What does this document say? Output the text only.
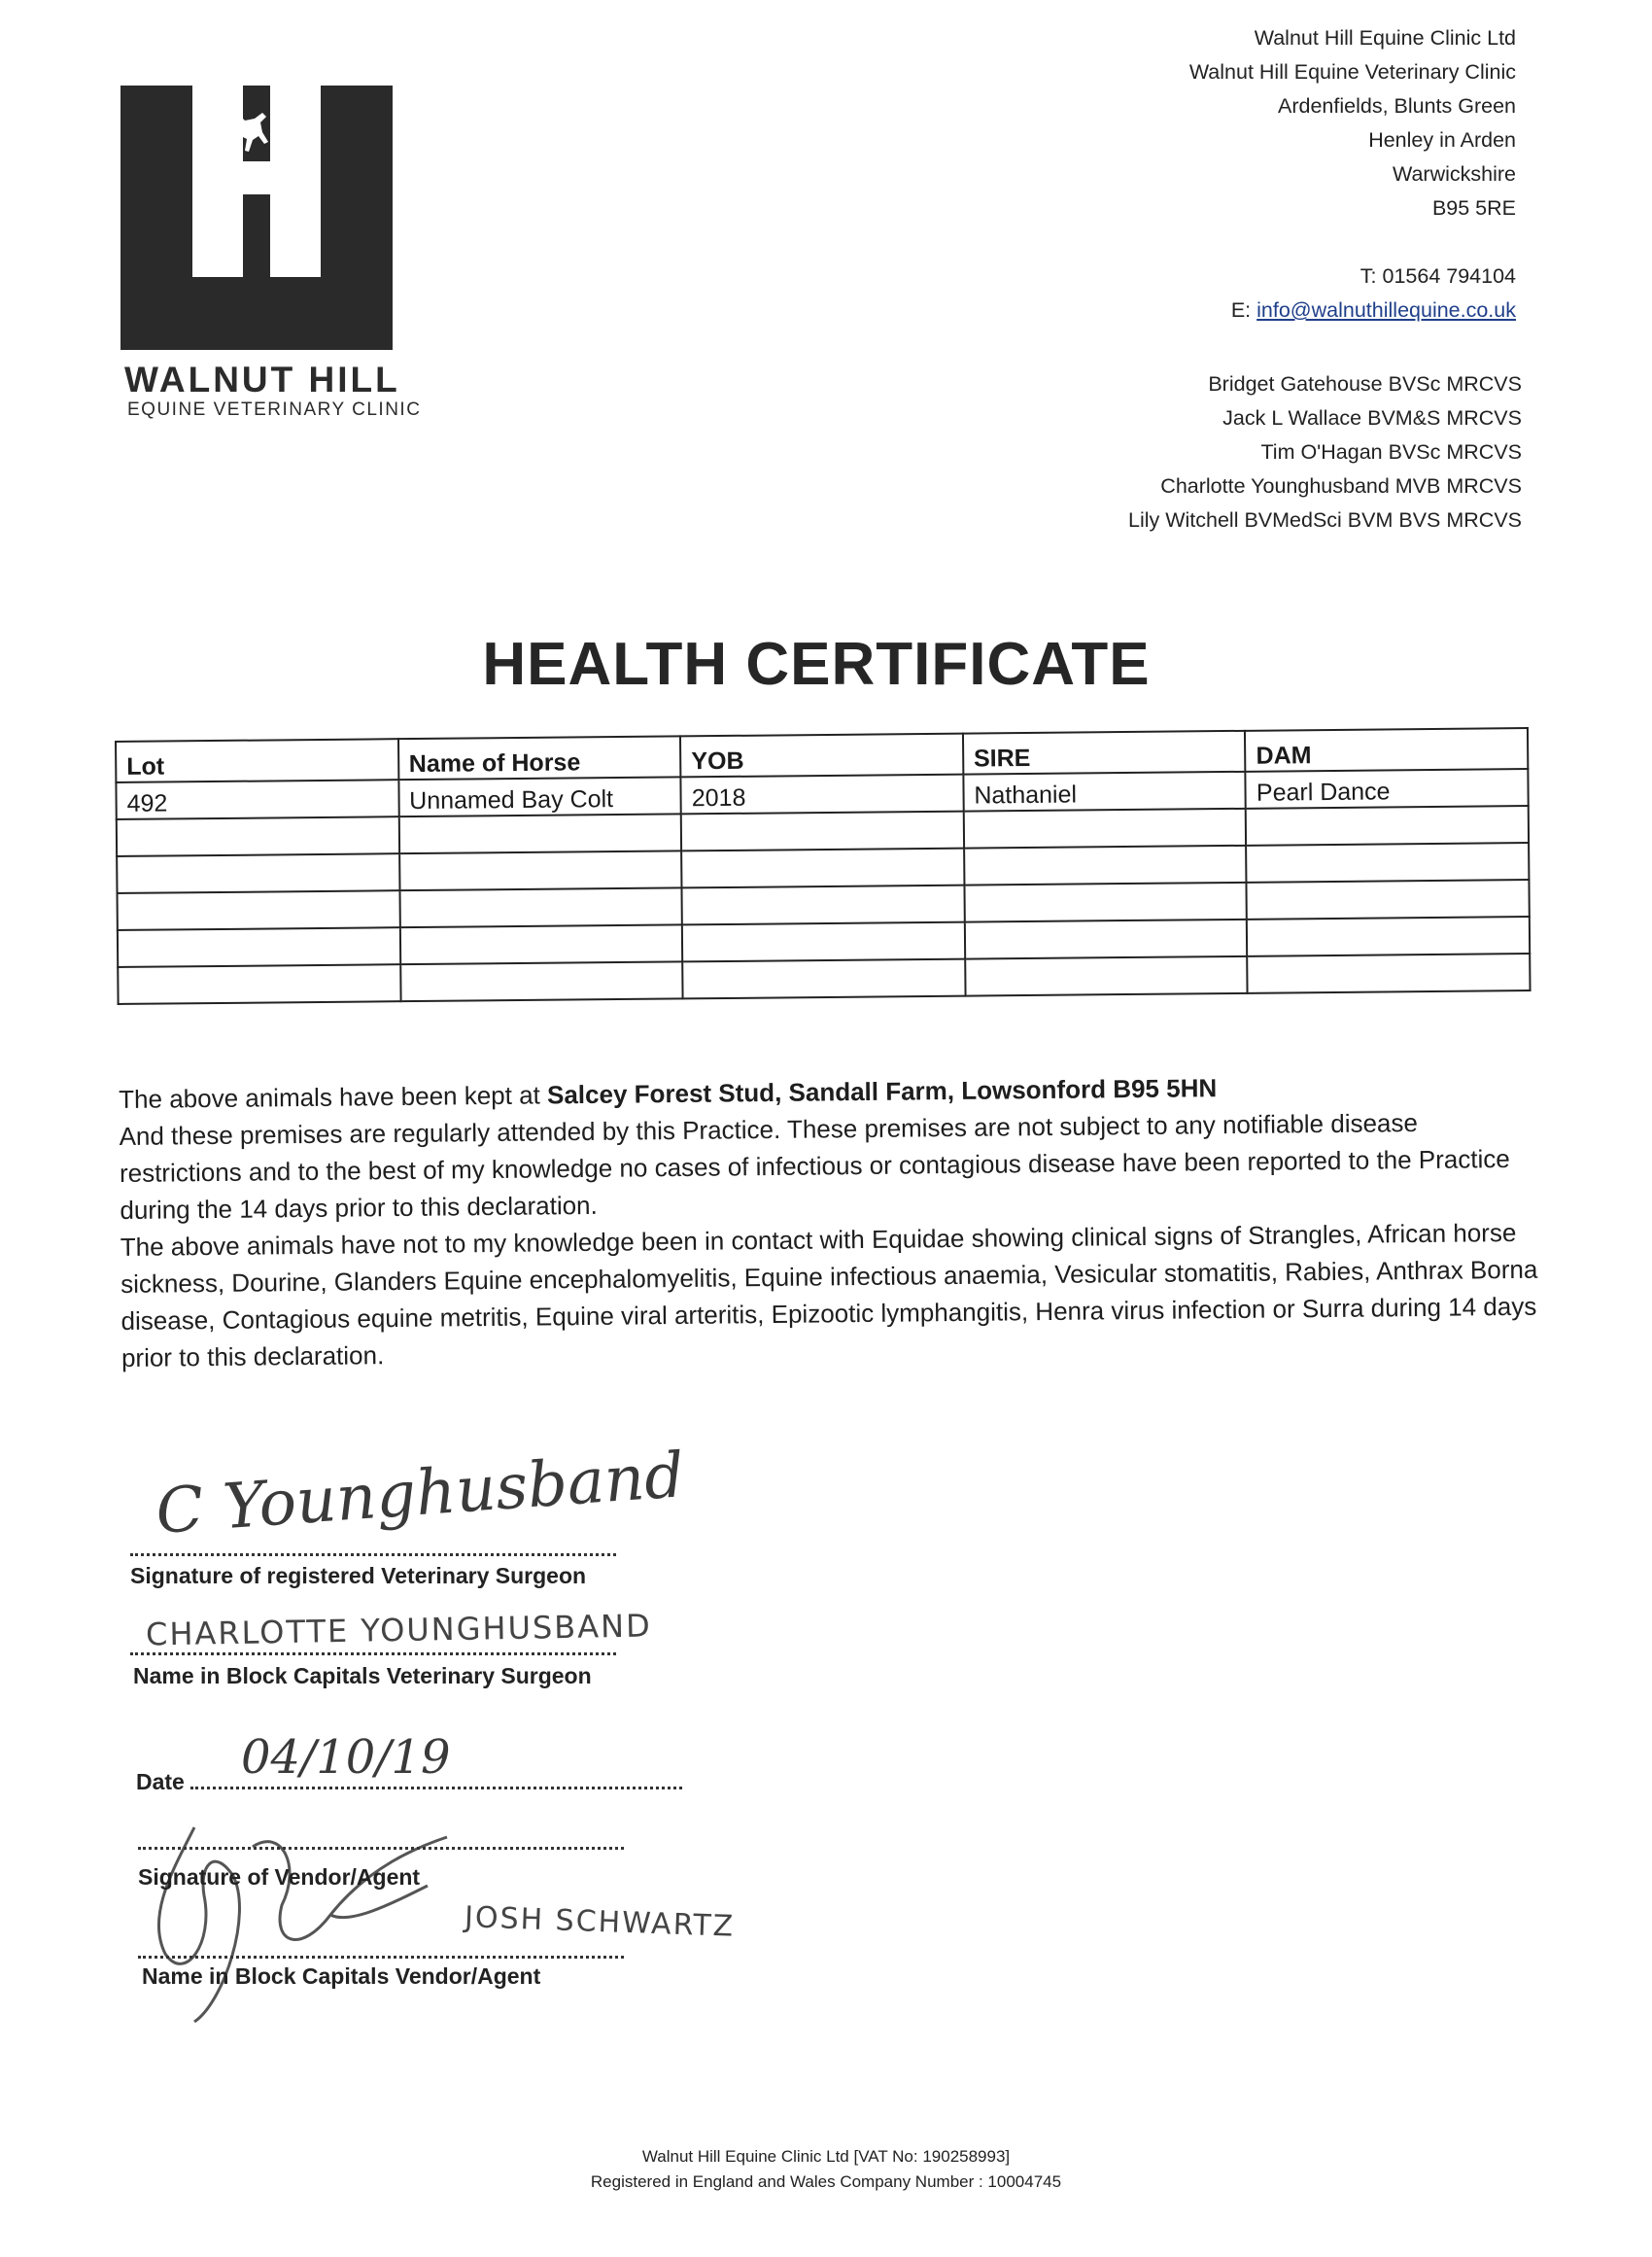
WALNUT HILL
EQUINE VETERINARY CLINIC
Walnut Hill Equine Clinic Ltd
Walnut Hill Equine Veterinary Clinic
Ardenfields, Blunts Green
Henley in Arden
Warwickshire
B95 5RE
T: 01564 794104
E: info@walnuthillequine.co.uk
Bridget Gatehouse BVSc MRCVS
Jack L Wallace BVM&S MRCVS
Tim O'Hagan BVSc MRCVS
Charlotte Younghusband MVB MRCVS
Lily Witchell BVMedSci BVM BVS MRCVS
HEALTH CERTIFICATE
Lot	Name of Horse	YOB	SIRE	DAM
492	Unnamed Bay Colt	2018	Nathaniel	Pearl Dance

The above animals have been kept at Salcey Forest Stud, Sandall Farm, Lowsonford B95 5HN

And these premises are regularly attended by this Practice. These premises are not subject to any notifiable disease restrictions and to the best of my knowledge no cases of infectious or contagious disease have been reported to the Practice during the 14 days prior to this declaration.

The above animals have not to my knowledge been in contact with Equidae showing clinical signs of Strangles, African horse sickness, Dourine, Glanders Equine encephalomyelitis, Equine infectious anaemia, Vesicular stomatitis, Rabies, Anthrax Borna disease, Contagious equine metritis, Equine viral arteritis, Epizootic lymphangitis, Henra virus infection or Surra during 14 days prior to this declaration.

C Younghusband
Signature of registered Veterinary Surgeon
CHARLOTTE YOUNGHUSBAND
Name in Block Capitals Veterinary Surgeon
Date 04/10/19
Signature of Vendor/Agent
JOSH SCHWARTZ
Name in Block Capitals Vendor/Agent
Walnut Hill Equine Clinic Ltd [VAT No: 190258993]
Registered in England and Wales Company Number : 10004745
